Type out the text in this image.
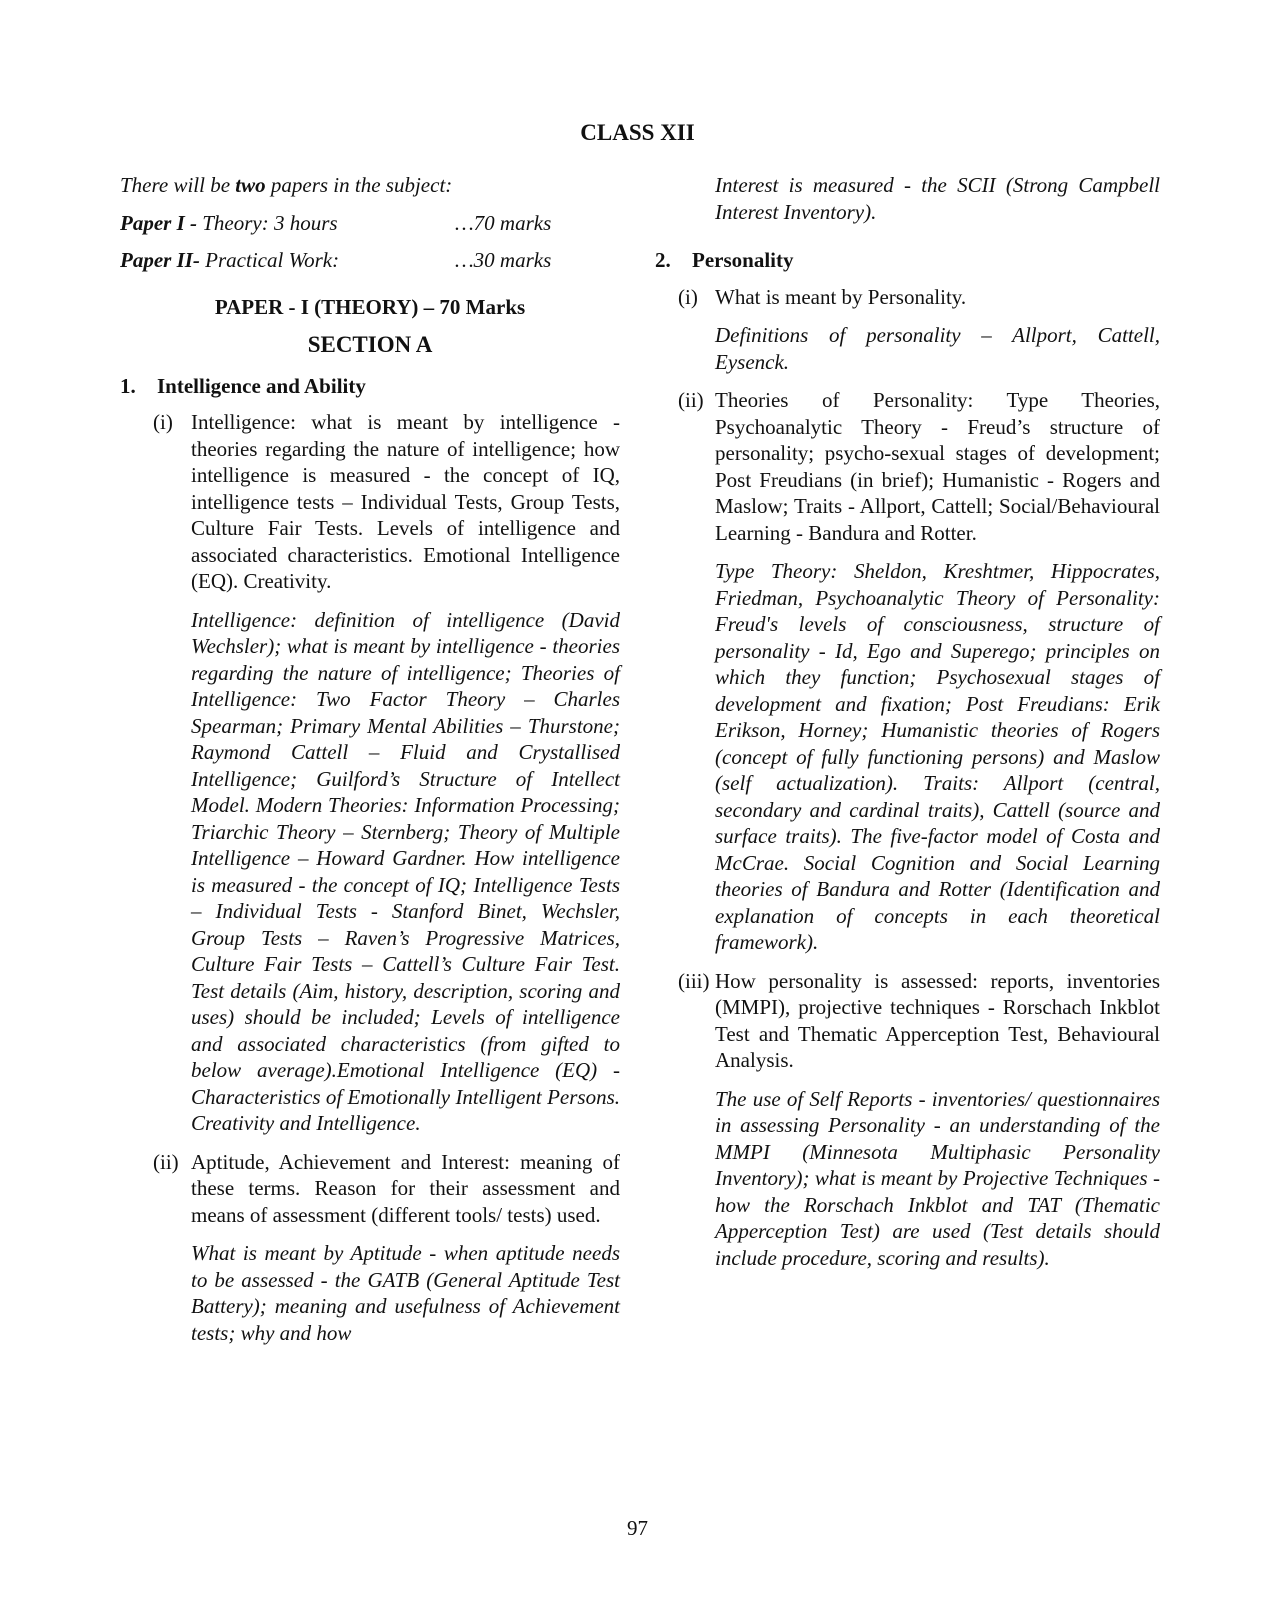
CLASS XII

There will be two papers in the subject:

Paper I - Theory: 3 hours	…70 marks
Paper II- Practical Work:	…30 marks

PAPER - I (THEORY) – 70 Marks

SECTION A

1.	Intelligence and Ability
(i) Intelligence: what is meant by intelligence - theories regarding the nature of intelligence; how intelligence is measured - the concept of IQ, intelligence tests – Individual Tests, Group Tests, Culture Fair Tests. Levels of intelligence and associated characteristics. Emotional Intelligence (EQ). Creativity.

Intelligence: definition of intelligence (David Wechsler); what is meant by intelligence - theories regarding the nature of intelligence; Theories of Intelligence: Two Factor Theory – Charles Spearman; Primary Mental Abilities – Thurstone; Raymond Cattell – Fluid and Crystallised Intelligence; Guilford’s Structure of Intellect Model. Modern Theories: Information Processing; Triarchic Theory – Sternberg; Theory of Multiple Intelligence – Howard Gardner. How intelligence is measured - the concept of IQ; Intelligence Tests – Individual Tests - Stanford Binet, Wechsler, Group Tests – Raven’s Progressive Matrices, Culture Fair Tests – Cattell’s Culture Fair Test. Test details (Aim, history, description, scoring and uses) should be included; Levels of intelligence and associated characteristics (from gifted to below average).Emotional Intelligence (EQ) - Characteristics of Emotionally Intelligent Persons. Creativity and Intelligence.

(ii) Aptitude, Achievement and Interest: meaning of these terms. Reason for their assessment and means of assessment (different tools/ tests) used.

What is meant by Aptitude - when aptitude needs to be assessed - the GATB (General Aptitude Test Battery); meaning and usefulness of Achievement tests; why and how

Interest is measured - the SCII (Strong Campbell Interest Inventory).

2.	Personality
(i) What is meant by Personality.

Definitions of personality – Allport, Cattell, Eysenck.

(ii) Theories of Personality: Type Theories, Psychoanalytic Theory - Freud’s structure of personality; psycho-sexual stages of development; Post Freudians (in brief); Humanistic - Rogers and Maslow; Traits - Allport, Cattell; Social/Behavioural Learning - Bandura and Rotter.

Type Theory: Sheldon, Kreshtmer, Hippocrates, Friedman, Psychoanalytic Theory of Personality: Freud's levels of consciousness, structure of personality - Id, Ego and Superego; principles on which they function; Psychosexual stages of development and fixation; Post Freudians: Erik Erikson, Horney; Humanistic theories of Rogers (concept of fully functioning persons) and Maslow (self actualization). Traits: Allport (central, secondary and cardinal traits), Cattell (source and surface traits). The five-factor model of Costa and McCrae. Social Cognition and Social Learning theories of Bandura and Rotter (Identification and explanation of concepts in each theoretical framework).

(iii) How personality is assessed: reports, inventories (MMPI), projective techniques - Rorschach Inkblot Test and Thematic Apperception Test, Behavioural Analysis.

The use of Self Reports - inventories/ questionnaires in assessing Personality - an understanding of the MMPI (Minnesota Multiphasic Personality Inventory); what is meant by Projective Techniques - how the Rorschach Inkblot and TAT (Thematic Apperception Test) are used (Test details should include procedure, scoring and results).

97
